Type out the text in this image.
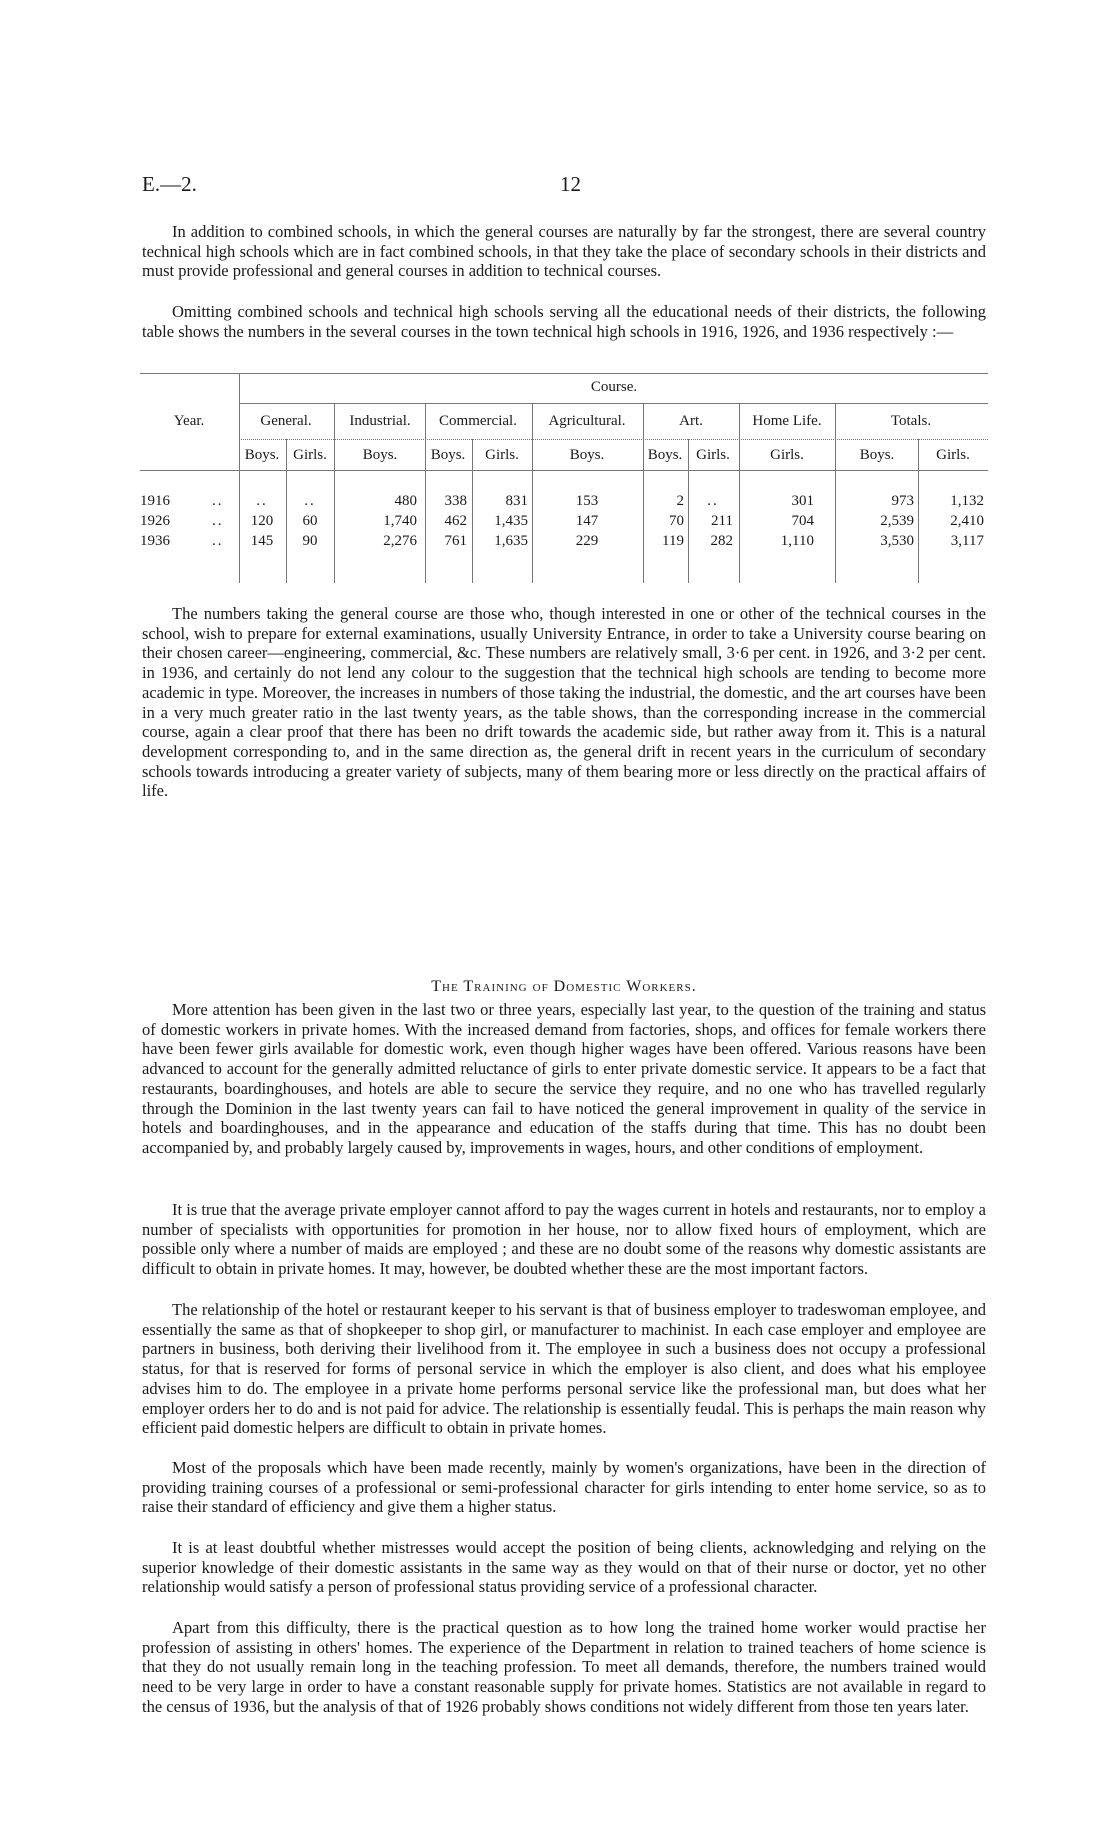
E.—2.	12

In addition to combined schools, in which the general courses are naturally by far the strongest, there are several country technical high schools which are in fact combined schools, in that they take the place of secondary schools in their districts and must provide professional and general courses in addition to technical courses.

Omitting combined schools and technical high schools serving all the educational needs of their districts, the following table shows the numbers in the several courses in the town technical high schools in 1916, 1926, and 1936 respectively :—

Course.
Year.	General.	Industrial. Commercial. Agricultural.	Art.	Home Life.	Totals.
Boys. Girls. Boys. Boys. Girls.	Boys.	Boys. Girls.	Girls.	Boys.	Girls.
1916	.. .. ..	480 338	831	153	2 ..	301	973 1,132
1926	.. 120 60	1,740 462 1,435	147	70 211	704	2,539 2,410
1936	.. 145 90	2,276 761 1,635	229	119 282	1,110	3,530 3,117

The numbers taking the general course are those who, though interested in one or other of the technical courses in the school, wish to prepare for external examinations, usually University Entrance, in order to take a University course bearing on their chosen career—engineering, commercial, &c. These numbers are relatively small, 3·6 per cent. in 1926, and 3·2 per cent. in 1936, and certainly do not lend any colour to the suggestion that the technical high schools are tending to become more academic in type. Moreover, the increases in numbers of those taking the industrial, the domestic, and the art courses have been in a very much greater ratio in the last twenty years, as the table shows, than the corresponding increase in the commercial course, again a clear proof that there has been no drift towards the academic side, but rather away from it. This is a natural development corresponding to, and in the same direction as, the general drift in recent years in the curriculum of secondary schools towards introducing a greater variety of subjects, many of them bearing more or less directly on the practical affairs of life.

The Training of Domestic Workers.

More attention has been given in the last two or three years, especially last year, to the question of the training and status of domestic workers in private homes. With the increased demand from factories, shops, and offices for female workers there have been fewer girls available for domestic work, even though higher wages have been offered. Various reasons have been advanced to account for the generally admitted reluctance of girls to enter private domestic service. It appears to be a fact that restaurants, boardinghouses, and hotels are able to secure the service they require, and no one who has travelled regularly through the Dominion in the last twenty years can fail to have noticed the general improvement in quality of the service in hotels and boardinghouses, and in the appearance and education of the staffs during that time. This has no doubt been accompanied by, and probably largely caused by, improvements in wages, hours, and other conditions of employment.

It is true that the average private employer cannot afford to pay the wages current in hotels and restaurants, nor to employ a number of specialists with opportunities for promotion in her house, nor to allow fixed hours of employment, which are possible only where a number of maids are employed ; and these are no doubt some of the reasons why domestic assistants are difficult to obtain in private homes. It may, however, be doubted whether these are the most important factors.

The relationship of the hotel or restaurant keeper to his servant is that of business employer to tradeswoman employee, and essentially the same as that of shopkeeper to shop girl, or manufacturer to machinist. In each case employer and employee are partners in business, both deriving their livelihood from it. The employee in such a business does not occupy a professional status, for that is reserved for forms of personal service in which the employer is also client, and does what his employee advises him to do. The employee in a private home performs personal service like the professional man, but does what her employer orders her to do and is not paid for advice. The relationship is essentially feudal. This is perhaps the main reason why efficient paid domestic helpers are difficult to obtain in private homes.

Most of the proposals which have been made recently, mainly by women's organizations, have been in the direction of providing training courses of a professional or semi-professional character for girls intending to enter home service, so as to raise their standard of efficiency and give them a higher status.

It is at least doubtful whether mistresses would accept the position of being clients, acknowledging and relying on the superior knowledge of their domestic assistants in the same way as they would on that of their nurse or doctor, yet no other relationship would satisfy a person of professional status providing service of a professional character.

Apart from this difficulty, there is the practical question as to how long the trained home worker would practise her profession of assisting in others' homes. The experience of the Department in relation to trained teachers of home science is that they do not usually remain long in the teaching profession. To meet all demands, therefore, the numbers trained would need to be very large in order to have a constant reasonable supply for private homes. Statistics are not available in regard to the census of 1936, but the analysis of that of 1926 probably shows conditions not widely different from those ten years later.
